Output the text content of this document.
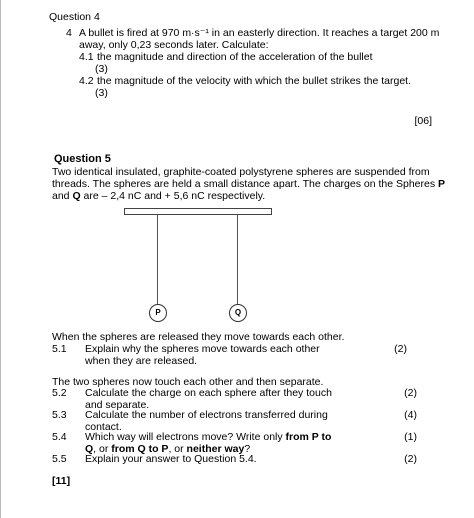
Question 4
4 A bullet is fired at 970 m·s⁻¹ in an easterly direction. It reaches a target 200 m
away, only 0,23 seconds later. Calculate:
4.1 the magnitude and direction of the acceleration of the bullet
(3)
4.2 the magnitude of the velocity with which the bullet strikes the target.
(3)
[06]
Question 5
Two identical insulated, graphite-coated polystyrene spheres are suspended from
threads. The spheres are held a small distance apart. The charges on the Spheres P
and Q are – 2,4 nC and + 5,6 nC respectively.
P	Q
When the spheres are released they move towards each other.
5.1 Explain why the spheres move towards each other
when they are released.
(2)
The two spheres now touch each other and then separate.
5.2 Calculate the charge on each sphere after they touch
and separate.
(2)
5.3 Calculate the number of electrons transferred during
contact.
(4)
5.4 Which way will electrons move? Write only from P to
Q, or from Q to P, or neither way?
(1)
5.5 Explain your answer to Question 5.4.	(2)
[11]
